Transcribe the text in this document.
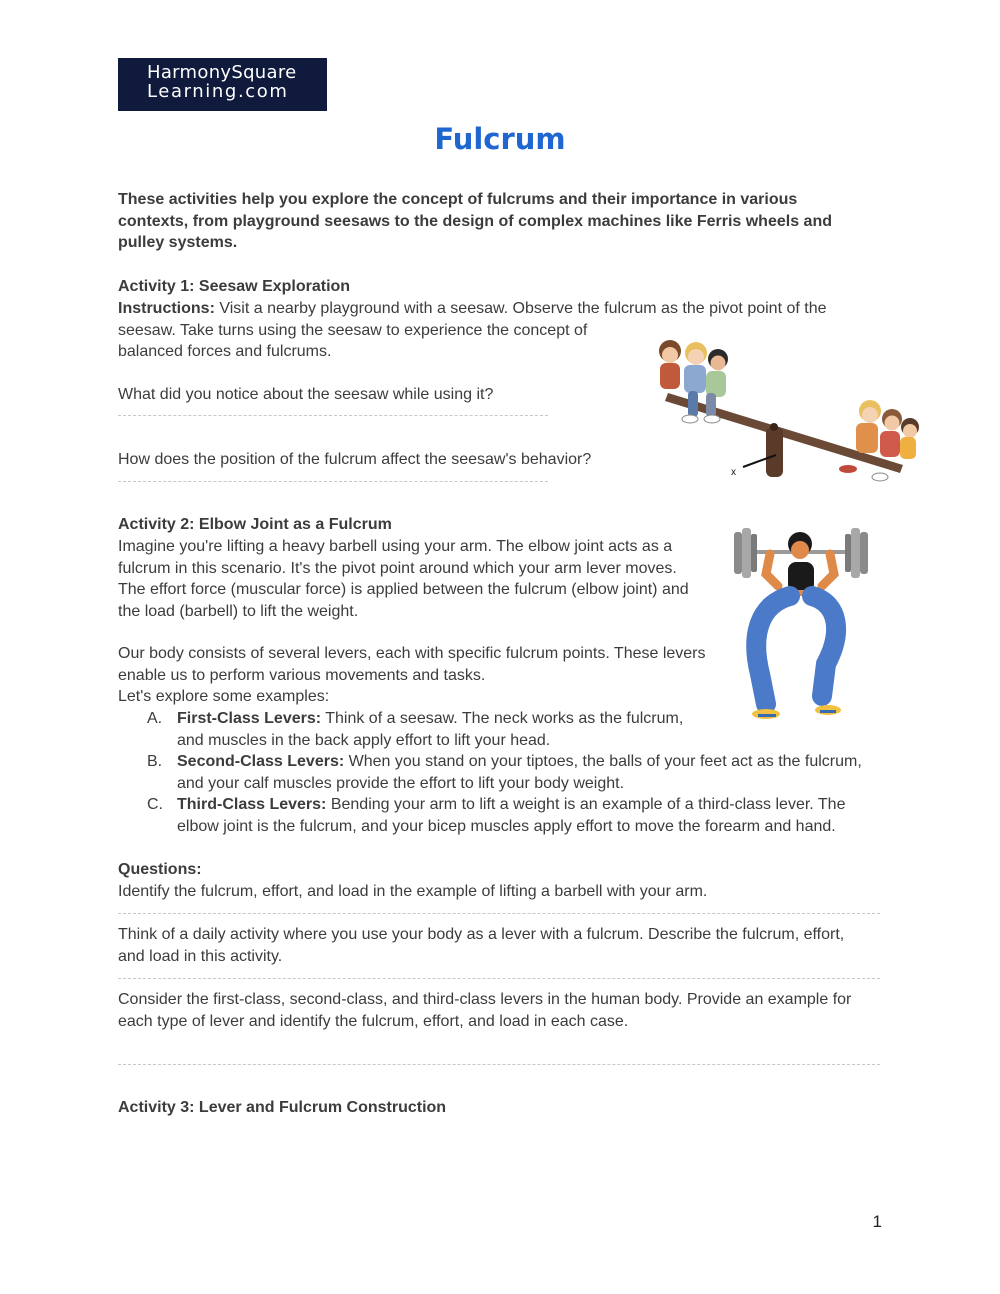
HarmonySquare
Learning.com
Fulcrum
These activities help you explore the concept of fulcrums and their importance in various contexts, from playground seesaws to the design of complex machines like Ferris wheels and pulley systems.
Activity 1: Seesaw Exploration
Instructions: Visit a nearby playground with a seesaw. Observe the fulcrum as the pivot point of the
seesaw. Take turns using the seesaw to experience the concept of
balanced forces and fulcrums.
What did you notice about the seesaw while using it?
How does the position of the fulcrum affect the seesaw's behavior?
x
Activity 2: Elbow Joint as a Fulcrum
Imagine you're lifting a heavy barbell using your arm. The elbow joint acts as a
fulcrum in this scenario. It's the pivot point around which your arm lever moves.
The effort force (muscular force) is applied between the fulcrum (elbow joint) and
the load (barbell) to lift the weight.
Our body consists of several levers, each with specific fulcrum points. These levers
enable us to perform various movements and tasks.
Let's explore some examples:
A. First-Class Levers: Think of a seesaw. The neck works as the fulcrum,
and muscles in the back apply effort to lift your head.
B. Second-Class Levers: When you stand on your tiptoes, the balls of your feet act as the fulcrum,
and your calf muscles provide the effort to lift your body weight.
C. Third-Class Levers: Bending your arm to lift a weight is an example of a third-class lever. The
elbow joint is the fulcrum, and your bicep muscles apply effort to move the forearm and hand.
Questions:
Identify the fulcrum, effort, and load in the example of lifting a barbell with your arm.
Think of a daily activity where you use your body as a lever with a fulcrum. Describe the fulcrum, effort,
and load in this activity.
Consider the first-class, second-class, and third-class levers in the human body. Provide an example for
each type of lever and identify the fulcrum, effort, and load in each case.
Activity 3: Lever and Fulcrum Construction
1
